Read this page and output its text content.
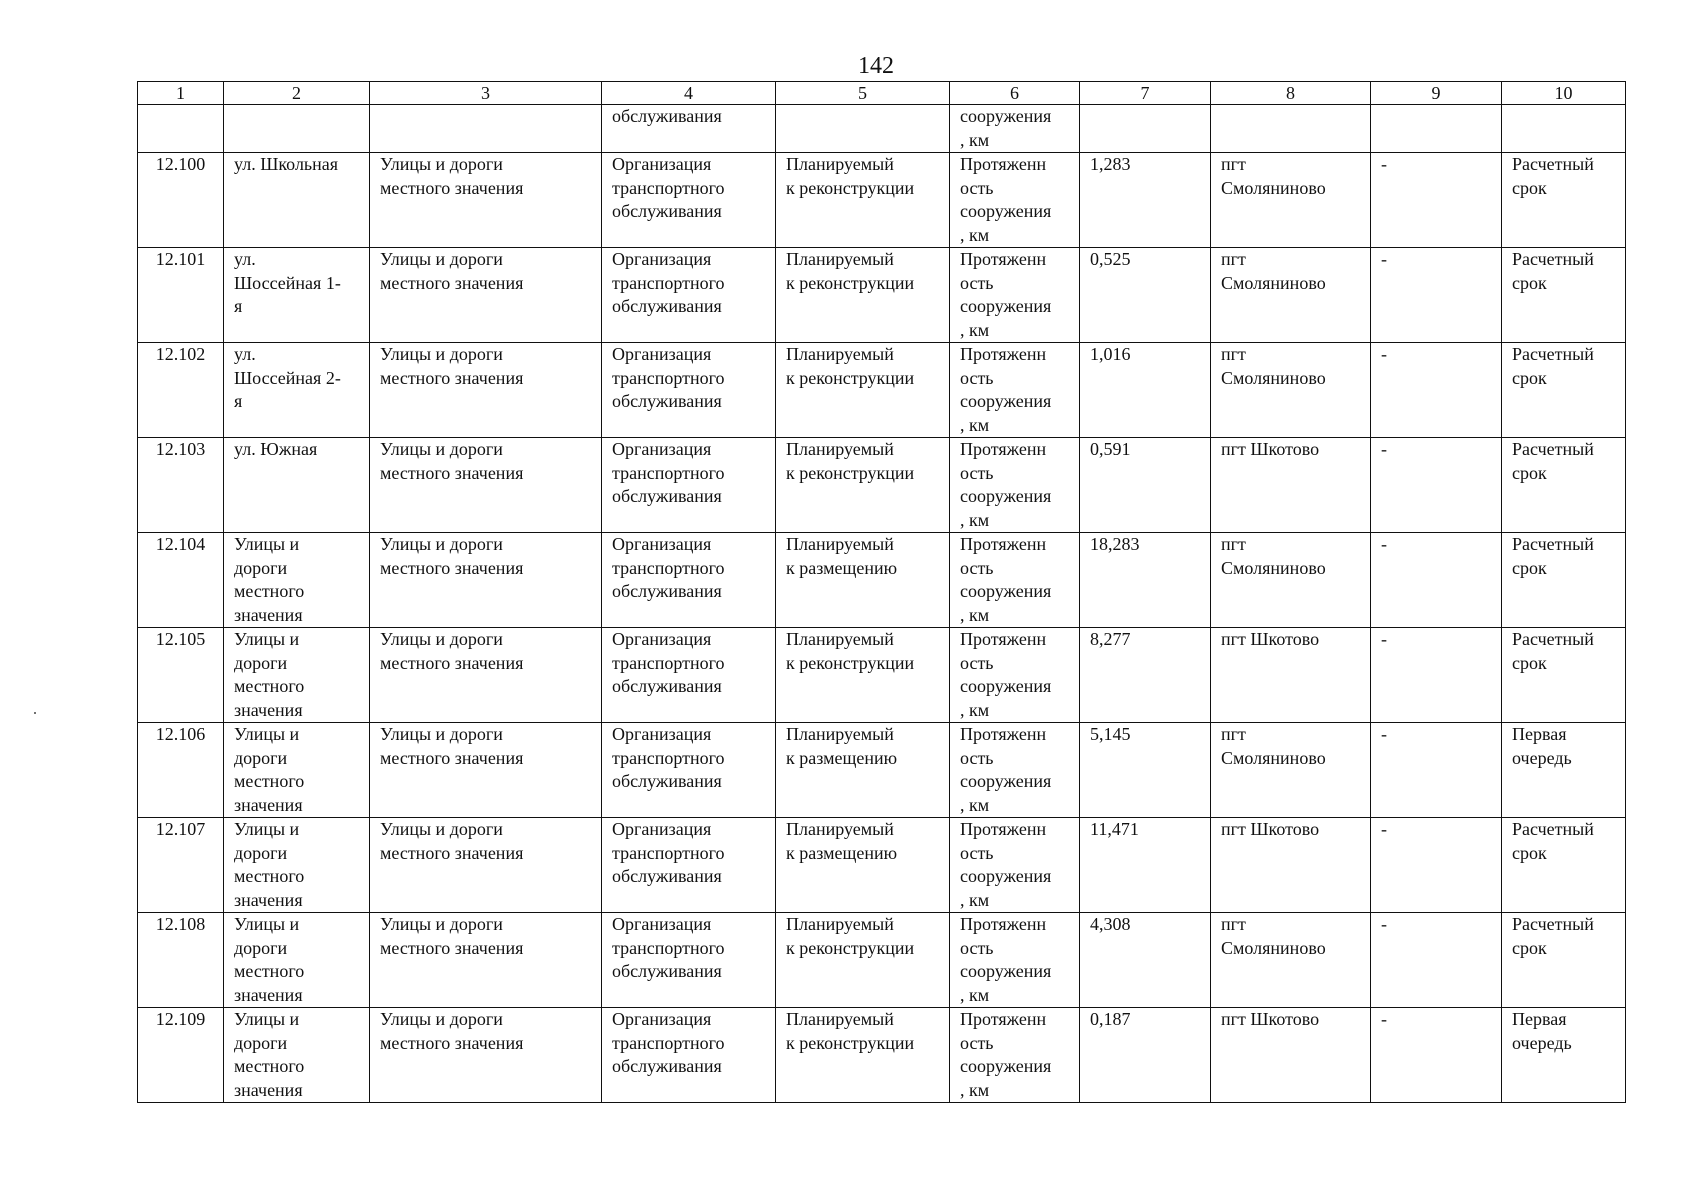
142
1	2	3	4	5	6	7	8	9	10
			обслуживания		сооружения
, км				
12.100	ул. Школьная	Улицы и дороги
местного значения	Организация
транспортного
обслуживания	Планируемый
к реконструкции	Протяженн
ость
сооружения
, км	1,283	пгт
Смоляниново	-	Расчетный
срок
12.101	ул.
Шоссейная 1-
я	Улицы и дороги
местного значения	Организация
транспортного
обслуживания	Планируемый
к реконструкции	Протяженн
ость
сооружения
, км	0,525	пгт
Смоляниново	-	Расчетный
срок
12.102	ул.
Шоссейная 2-
я	Улицы и дороги
местного значения	Организация
транспортного
обслуживания	Планируемый
к реконструкции	Протяженн
ость
сооружения
, км	1,016	пгт
Смоляниново	-	Расчетный
срок
12.103	ул. Южная	Улицы и дороги
местного значения	Организация
транспортного
обслуживания	Планируемый
к реконструкции	Протяженн
ость
сооружения
, км	0,591	пгт Шкотово	-	Расчетный
срок
12.104	Улицы и
дороги
местного
значения	Улицы и дороги
местного значения	Организация
транспортного
обслуживания	Планируемый
к размещению	Протяженн
ость
сооружения
, км	18,283	пгт
Смоляниново	-	Расчетный
срок
12.105	Улицы и
дороги
местного
значения	Улицы и дороги
местного значения	Организация
транспортного
обслуживания	Планируемый
к реконструкции	Протяженн
ость
сооружения
, км	8,277	пгт Шкотово	-	Расчетный
срок
12.106	Улицы и
дороги
местного
значения	Улицы и дороги
местного значения	Организация
транспортного
обслуживания	Планируемый
к размещению	Протяженн
ость
сооружения
, км	5,145	пгт
Смоляниново	-	Первая
очередь
12.107	Улицы и
дороги
местного
значения	Улицы и дороги
местного значения	Организация
транспортного
обслуживания	Планируемый
к размещению	Протяженн
ость
сооружения
, км	11,471	пгт Шкотово	-	Расчетный
срок
12.108	Улицы и
дороги
местного
значения	Улицы и дороги
местного значения	Организация
транспортного
обслуживания	Планируемый
к реконструкции	Протяженн
ость
сооружения
, км	4,308	пгт
Смоляниново	-	Расчетный
срок
12.109	Улицы и
дороги
местного
значения	Улицы и дороги
местного значения	Организация
транспортного
обслуживания	Планируемый
к реконструкции	Протяженн
ость
сооружения
, км	0,187	пгт Шкотово	-	Первая
очередь
